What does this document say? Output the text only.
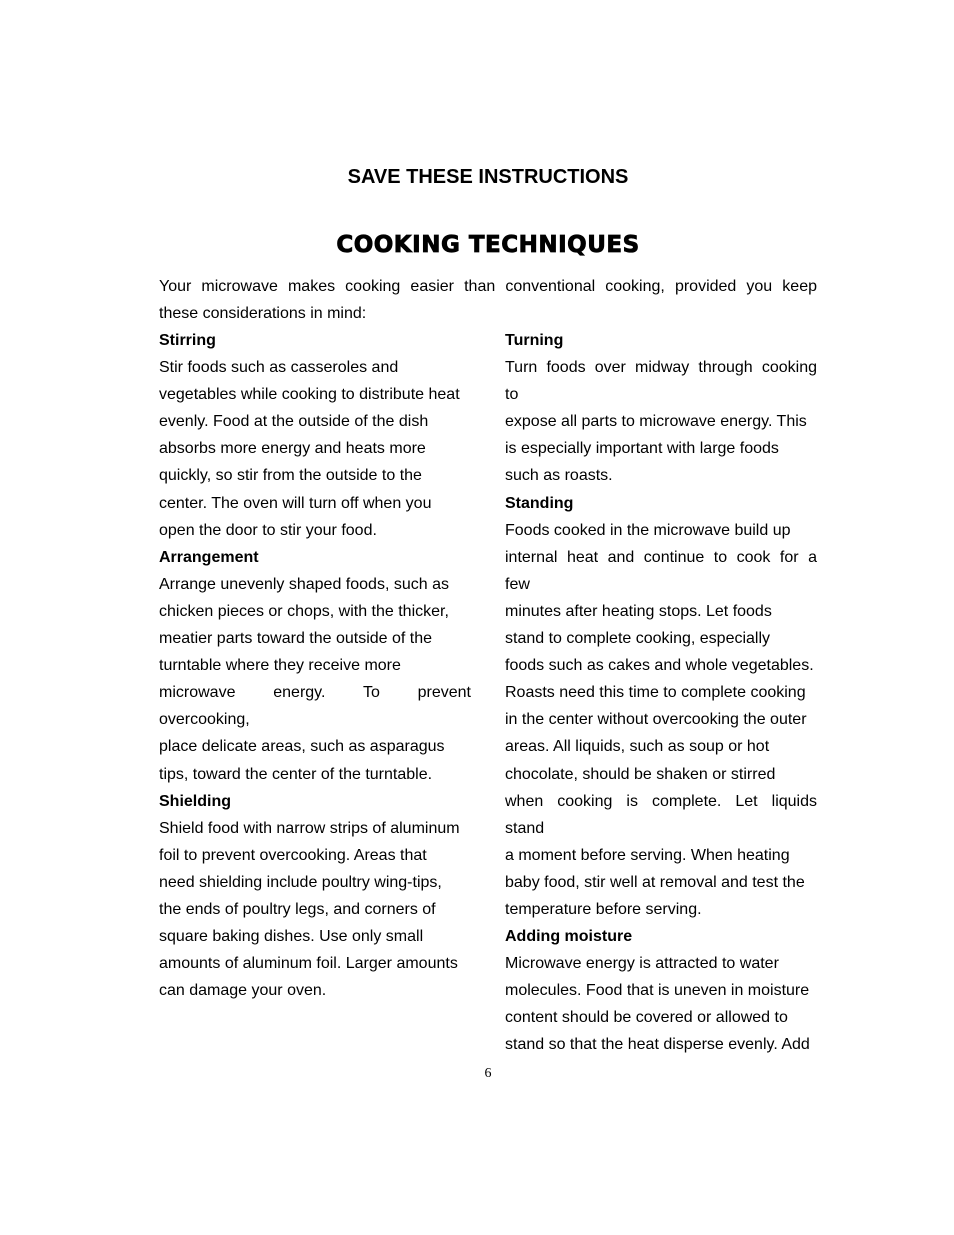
SAVE THESE INSTRUCTIONS
COOKING TECHNIQUES
Your microwave makes cooking easier than conventional cooking, provided you keep
these considerations in mind:
Stirring
Stir foods such as casseroles and
vegetables while cooking to distribute heat
evenly. Food at the outside of the dish
absorbs more energy and heats more
quickly, so stir from the outside to the
center. The oven will turn off when you
open the door to stir your food.
Arrangement
Arrange unevenly shaped foods, such as
chicken pieces or chops, with the thicker,
meatier parts toward the outside of the
turntable where they receive more
microwave energy. To prevent
overcooking,
place delicate areas, such as asparagus
tips, toward the center of the turntable.
Shielding
Shield food with narrow strips of aluminum
foil to prevent overcooking. Areas that
need shielding include poultry wing-tips,
the ends of poultry legs, and corners of
square baking dishes. Use only small
amounts of aluminum foil. Larger amounts
can damage your oven.
Turning
Turn foods over midway through cooking
to
expose all parts to microwave energy. This
is especially important with large foods
such as roasts.
Standing
Foods cooked in the microwave build up
internal heat and continue to cook for a
few
minutes after heating stops. Let foods
stand to complete cooking, especially
foods such as cakes and whole vegetables.
Roasts need this time to complete cooking
in the center without overcooking the outer
areas. All liquids, such as soup or hot
chocolate, should be shaken or stirred
when cooking is complete. Let liquids
stand
a moment before serving. When heating
baby food, stir well at removal and test the
temperature before serving.
Adding moisture
Microwave energy is attracted to water
molecules. Food that is uneven in moisture
content should be covered or allowed to
stand so that the heat disperse evenly. Add
6
